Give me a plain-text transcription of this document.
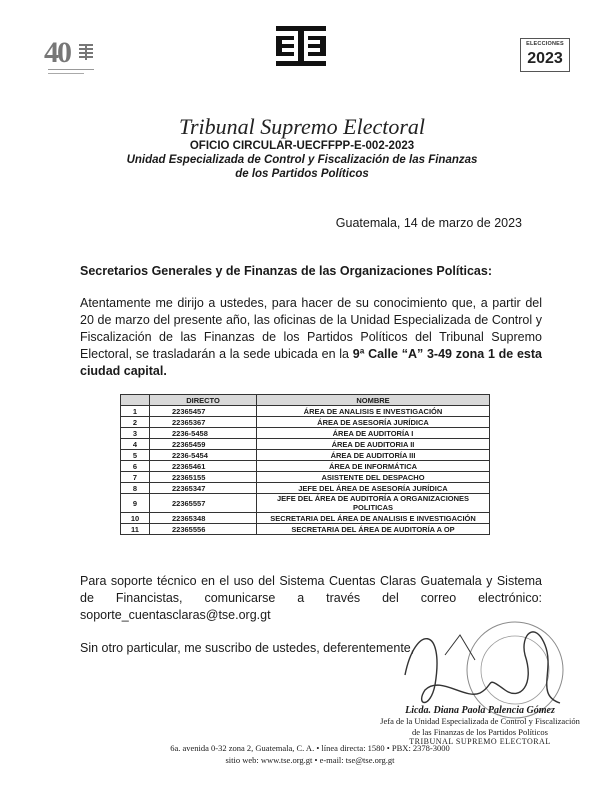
40	ELECCIONES
2023
Tribunal Supremo Electoral
OFICIO CIRCULAR-UECFFPP-E-002-2023
Unidad Especializada de Control y Fiscalización de las Finanzas
de los Partidos Políticos
Guatemala, 14 de marzo de 2023
Secretarios Generales y de Finanzas de las Organizaciones Políticas:
Atentamente me dirijo a ustedes, para hacer de su conocimiento que, a partir del 20 de marzo del presente año, las oficinas de la Unidad Especializada de Control y Fiscalización de las Finanzas de los Partidos Políticos del Tribunal Supremo Electoral, se trasladarán a la sede ubicada en la 9ª Calle “A” 3-49 zona 1 de esta ciudad capital.
	DIRECTO	NOMBRE
1	22365457	ÁREA DE ANALISIS E INVESTIGACIÓN
2	22365367	ÁREA DE ASESORÍA JURÍDICA
3	2236-5458	ÁREA DE AUDITORÍA I
4	22365459	ÁREA DE AUDITORIA II
5	2236-5454	ÁREA DE AUDITORÍA III
6	22365461	ÁREA DE INFORMÁTICA
7	22365155	ASISTENTE DEL DESPACHO
8	22365347	JEFE DEL ÁREA DE ASESORÍA JURÍDICA
9	22365557	JEFE DEL ÁREA DE AUDITORÍA A ORGANIZACIONES POLITICAS
10	22365348	SECRETARIA DEL ÁREA DE ANALISIS E INVESTIGACIÓN
11	22365556	SECRETARIA DEL ÁREA DE AUDITORÍA A OP
Para soporte técnico en el uso del Sistema Cuentas Claras Guatemala y Sistema
de Financistas, comunicarse a través del correo electrónico:
soporte_cuentasclaras@tse.org.gt
Sin otro particular, me suscribo de ustedes, deferentemente,
Licda. Diana Paola Palencia Gómez
Jefa de la Unidad Especializada de Control y Fiscalización
de las Finanzas de los Partidos Políticos
TRIBUNAL SUPREMO ELECTORAL
6a. avenida 0-32 zona 2, Guatemala, C. A. • línea directa: 1580 • PBX: 2378-3000
sitio web: www.tse.org.gt • e-mail: tse@tse.org.gt
